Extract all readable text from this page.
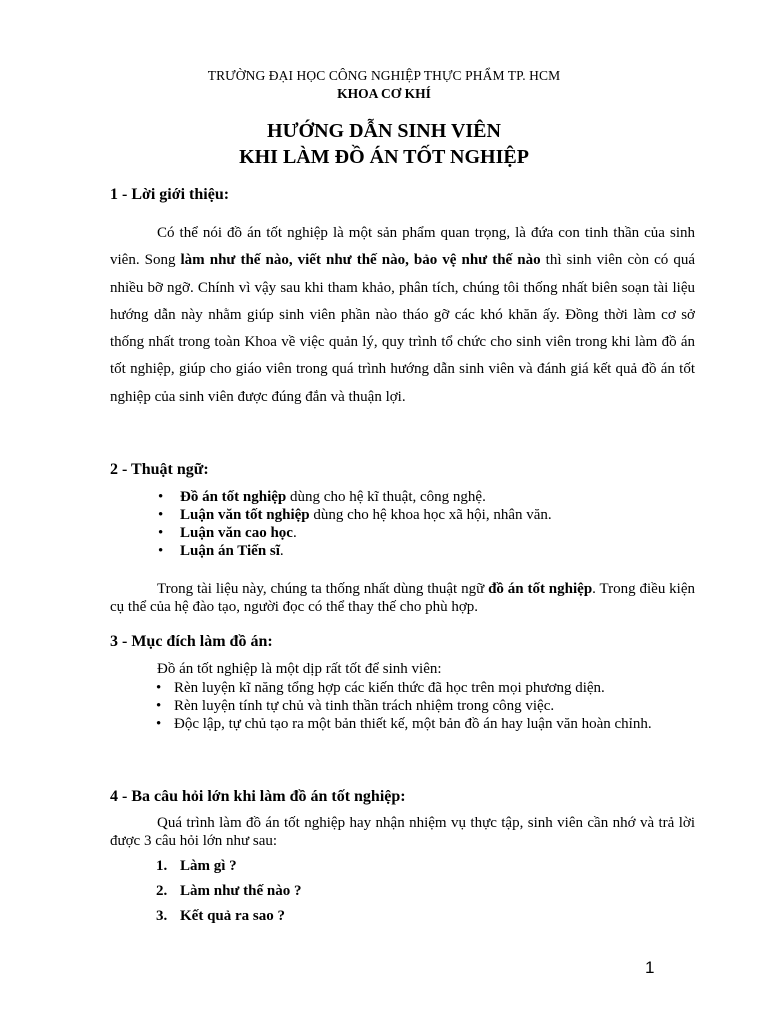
TRƯỜNG ĐẠI HỌC CÔNG NGHIỆP THỰC PHẨM TP. HCM
KHOA CƠ KHÍ
HƯỚNG DẪN SINH VIÊN
KHI LÀM ĐỒ ÁN TỐT NGHIỆP
1 - Lời giới thiệu:
Có thể nói đồ án tốt nghiệp là một sản phẩm quan trọng, là đứa con tinh thần của sinh viên. Song làm như thế nào, viết như thế nào, bảo vệ như thế nào thì sinh viên còn có quá nhiều bỡ ngỡ. Chính vì vậy sau khi tham khảo, phân tích, chúng tôi thống nhất biên soạn tài liệu hướng dẫn này nhằm giúp sinh viên phần nào tháo gỡ các khó khăn ấy. Đồng thời làm cơ sở thống nhất trong toàn Khoa về việc quản lý, quy trình tổ chức cho sinh viên trong khi làm đồ án tốt nghiệp, giúp cho giáo viên trong quá trình hướng dẫn sinh viên và đánh giá kết quả đồ án tốt nghiệp của sinh viên được đúng đắn và thuận lợi.
2 - Thuật ngữ:
• Đồ án tốt nghiệp dùng cho hệ kĩ thuật, công nghệ.
• Luận văn tốt nghiệp dùng cho hệ khoa học xã hội, nhân văn.
• Luận văn cao học.
• Luận án Tiến sĩ.
Trong tài liệu này, chúng ta thống nhất dùng thuật ngữ đồ án tốt nghiệp. Trong điều kiện cụ thể của hệ đào tạo, người đọc có thể thay thế cho phù hợp.
3 - Mục đích làm đồ án:
Đồ án tốt nghiệp là một dịp rất tốt để sinh viên:
• Rèn luyện kĩ năng tổng hợp các kiến thức đã học trên mọi phương diện.
• Rèn luyện tính tự chủ và tinh thần trách nhiệm trong công việc.
• Độc lập, tự chủ tạo ra một bản thiết kế, một bản đồ án hay luận văn hoàn chỉnh.
4 - Ba câu hỏi lớn khi làm đồ án tốt nghiệp:
Quá trình làm đồ án tốt nghiệp hay nhận nhiệm vụ thực tập, sinh viên cần nhớ và trả lời được 3 câu hỏi lớn như sau:
1. Làm gì ?
2. Làm như thế nào ?
3. Kết quả ra sao ?
1
